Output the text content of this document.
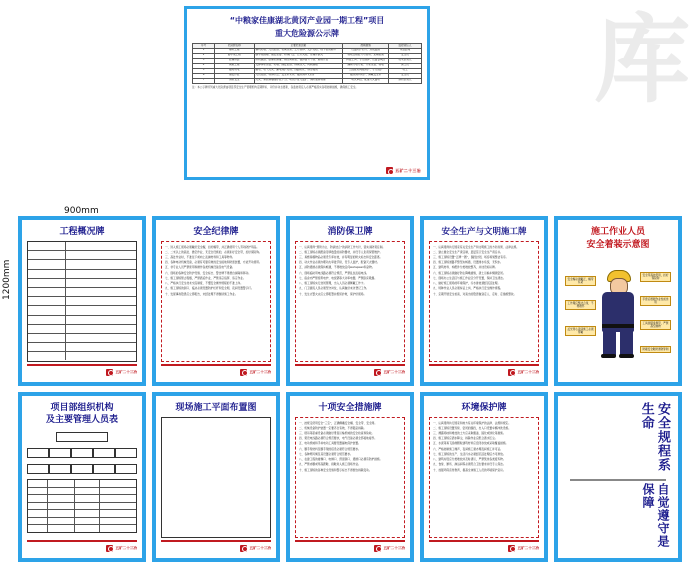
库
“中粮家佳康湖北黄冈产业园一期工程”项目
重大危险源公示牌
序号	危险源名称	主要危害因素	控制措施	监控责任人
1	基坑工程	基坑坍塌、人员坠落、机械伤害、土方滑移、支护失稳、地下管线破坏	设置防护栏杆、边坡监测	项目经理
2	脚手架工程	脚手架倒塌、高处坠落、物体打击、立杆失稳、连墙件缺失	验收合格后方可使用、定期检查	安全员
3	起重吊装	吊物脱落、起重机倾覆、钢丝绳断裂、指挥信号不清、超载作业	持证上岗、专人指挥、设置警戒区	技术负责人
4	模板工程	支撑体系失稳、坍塌、高处坠落、拆模伤人、荷载超限	编制专项方案、专家论证、验收	施工员
5	临时用电	触电、电气火灾、漏电保护失效、线路老化、违章接线	三级配电两级保护、专人维护	电工
6	高处作业	人员坠落、物体打击、安全带未系、临边洞口无防护	临边洞口防护、佩戴安全带	安全员
7	消防安全	火灾、易燃易爆品存放不当、动火作业无监护、消防通道堵塞	动火审批、配备灭火器材	消防负责人
注：本公示牌所列重大危险源由项目部安全生产管理机构定期辨识、评价并动态更新，各监控责任人必须严格落实各项控制措施，确保施工安全。
五矿二十三冶
900mm
1200mm
工程概况牌
五矿二十三冶
安全纪律牌

一、进入施工现场必须戴好安全帽，扣好帽带，并正确使用个人劳动防护用品。

二、二米以上的高处、悬空作业，无安全设施的，必须系好安全带，扣好保险钩。

三、高处作业时，不准往下或向上乱抛材料和工具等物件。

四、各种电动机械设备，必须有可靠有效的安全接地和防雷装置，方能开动使用。

五、非专业人员严禁使用和操作各类机械设备及电气设备。

六、现场的各种安全防护设施、安全标志、警告牌不得擅自拆除和移动。

七、施工现场禁止吸烟，严禁酒后作业，严禁违章指挥、违章作业。

八、严格执行安全技术交底制度，不懂安全操作规程的不准上岗。

九、施工现场的洞口、临边必须设置防护栏杆和安全网，夜间设置警示灯。

十、发现事故隐患应立即报告，未经处理不得继续施工作业。

五矿二十三冶
消防保卫牌

一、认真贯彻“预防为主、防消结合”的消防工作方针，落实消防责任制。

二、施工现场必须配备足够数量的消防器材，并设专人负责保管维护。

三、易燃易爆物品必须设专库存放，并有明显的防火标志和安全距离。

四、动火作业必须办理动火审批手续，设专人监护，配备灭火器材。

五、消防通道必须保持畅通，不得堆放任何материал和杂物。

六、现场临时用电线路必须符合规范，严禁乱拉乱接电线。

七、宿舍内严禁使用电炉、电饭锅等大功率电器，严禁卧床吸烟。

八、施工现场实行封闭管理，出入人员必须佩戴工作卡。

九、门卫值班人员必须坚守岗位，认真做好来访登记工作。

十、发生火警火灾应立即报警并组织扑救，保护好现场。

五矿二十三冶
安全生产与文明施工牌

一、认真贯彻执行国家有关安全生产和文明施工的方针政策、法律法规。

二、建立健全安全生产责任制，层层签订安全生产责任书。

三、施工现场设置“五牌一图”，围挡封闭，场容场貌整洁有序。

四、施工现场道路平整坚实畅通，设置排水系统，无积水。

五、建筑材料、构配件分类堆放整齐，并挂设标识牌。

六、施工现场必须做好防尘降噪措施，渣土运输车辆须密闭。

七、现场办公生活区与施工作业区分开设置，保持卫生清洁。

八、做好施工现场的环境保护，污水排放须经沉淀处理。

九、特种作业人员必须持证上岗，严格执行安全操作规程。

十、定期开展安全检查，对查出的隐患做到定人、定时、定措施整改。

五矿二十三冶
施工作业人员
安全着装示意图
安全帽必须戴正，帽带系紧
工作服应整洁合身，不得敞怀
反光背心夜间施工必须穿戴
安全带高挂低用，扣好保险钩
手套应根据作业性质选用
工具袋随身携带，严禁高空抛物
防砸安全鞋防滑防穿刺
项目部组织机构
及主要管理人员表
五矿二十三冶
现场施工平面布置图
五矿二十三冶
十项安全措施牌

一、按规定使用安全“三宝”，正确佩戴安全帽、安全带、安全网。

二、机械设备防护装置一定要齐全有效，不得随意拆除。

三、塔吊等起重设备必须做好垂直运输机械的安全检查和验收。

四、架设电线路必须符合规范要求，电气设备必须全部接地接零。

五、电动机械和手持电动工具要设置漏电保护装置。

六、脚手架材料及脚手架的搭设必须符合规范要求。

七、各种缆风绳及其设置必须符合规范要求。

八、在建工程的楼梯口、电梯口、预留洞口、通道口必须有防护措施。

九、严禁赤脚或穿高跟鞋、拖鞋进入施工现场作业。

十、施工现场的各种安全设施和警示标志不得擅自拆除变动。

五矿二十三冶
环境保护牌

一、认真贯彻执行国家和地方有关环境保护的法律、法规和规定。

二、施工现场设置连续、密闭的围挡，出入口设置车辆冲洗设施。

三、裸露场地和堆放的土方应采取覆盖、固化或绿化等措施。

四、施工现场应洒水降尘，拆除作业应配合洒水压尘。

五、水泥等易飞扬细颗粒建筑材料应密闭存放或采取覆盖措施。

六、严格控制施工噪声，夜间施工须办理夜间施工许可证。

七、施工现场的生产、生活污水必须经沉淀处理后方可排放。

八、建筑垃圾应分类堆放并及时清运，严禁焚烧各类废弃物。

九、食堂、厕所、淋浴间等必须符合卫生要求并设专人保洁。

十、加强环保宣传教育，提高全体施工人员的环境保护意识。

五矿二十三冶
安全规程系生命
自觉遵守是保障
